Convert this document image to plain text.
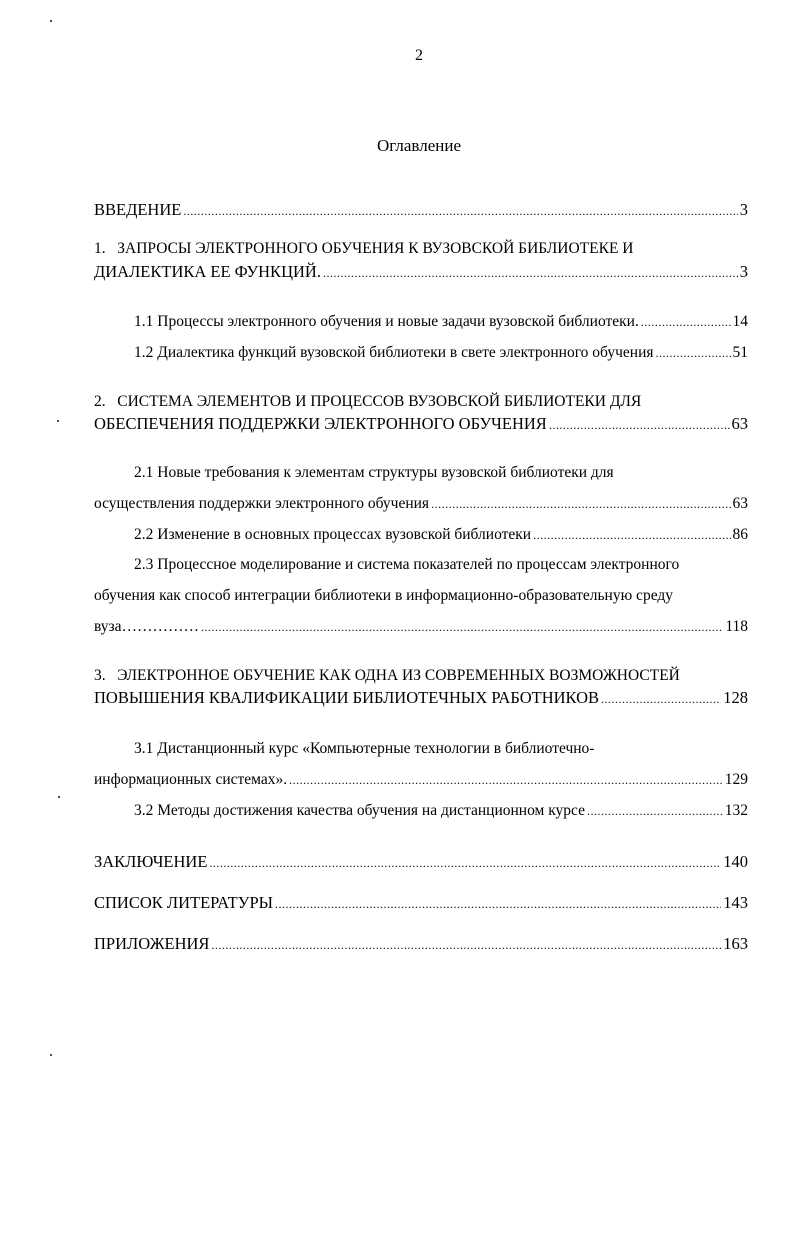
2
Оглавление
ВВЕДЕНИЕ .....	3
1. ЗАПРОСЫ ЭЛЕКТРОННОГО ОБУЧЕНИЯ К ВУЗОВСКОЙ БИБЛИОТЕКЕ И
ДИАЛЕКТИКА ЕЕ ФУНКЦИЙ. .....	3
1.1 Процессы электронного обучения и новые задачи вузовской библиотеки. .....	14
1.2 Диалектика функций вузовской библиотеки в свете электронного обучения .....	51
2. СИСТЕМА ЭЛЕМЕНТОВ И ПРОЦЕССОВ ВУЗОВСКОЙ БИБЛИОТЕКИ ДЛЯ
ОБЕСПЕЧЕНИЯ ПОДДЕРЖКИ ЭЛЕКТРОННОГО ОБУЧЕНИЯ .....	63
2.1 Новые требования к элементам структуры вузовской библиотеки для
осуществления поддержки электронного обучения .....	63
2.2 Изменение в основных процессах вузовской библиотеки .....	86
2.3 Процессное моделирование и система показателей по процессам электронного
обучения как способ интеграции библиотеки в информационно-образовательную среду
вуза…………… .....	118
3. ЭЛЕКТРОННОЕ ОБУЧЕНИЕ КАК ОДНА ИЗ СОВРЕМЕННЫХ ВОЗМОЖНОСТЕЙ
ПОВЫШЕНИЯ КВАЛИФИКАЦИИ БИБЛИОТЕЧНЫХ РАБОТНИКОВ .....	128
3.1 Дистанционный курс «Компьютерные технологии в библиотечно-
информационных системах». .....	129
3.2 Методы достижения качества обучения на дистанционном курсе .....	132
ЗАКЛЮЧЕНИЕ .....	140
СПИСОК ЛИТЕРАТУРЫ .....	143
ПРИЛОЖЕНИЯ .....	163
